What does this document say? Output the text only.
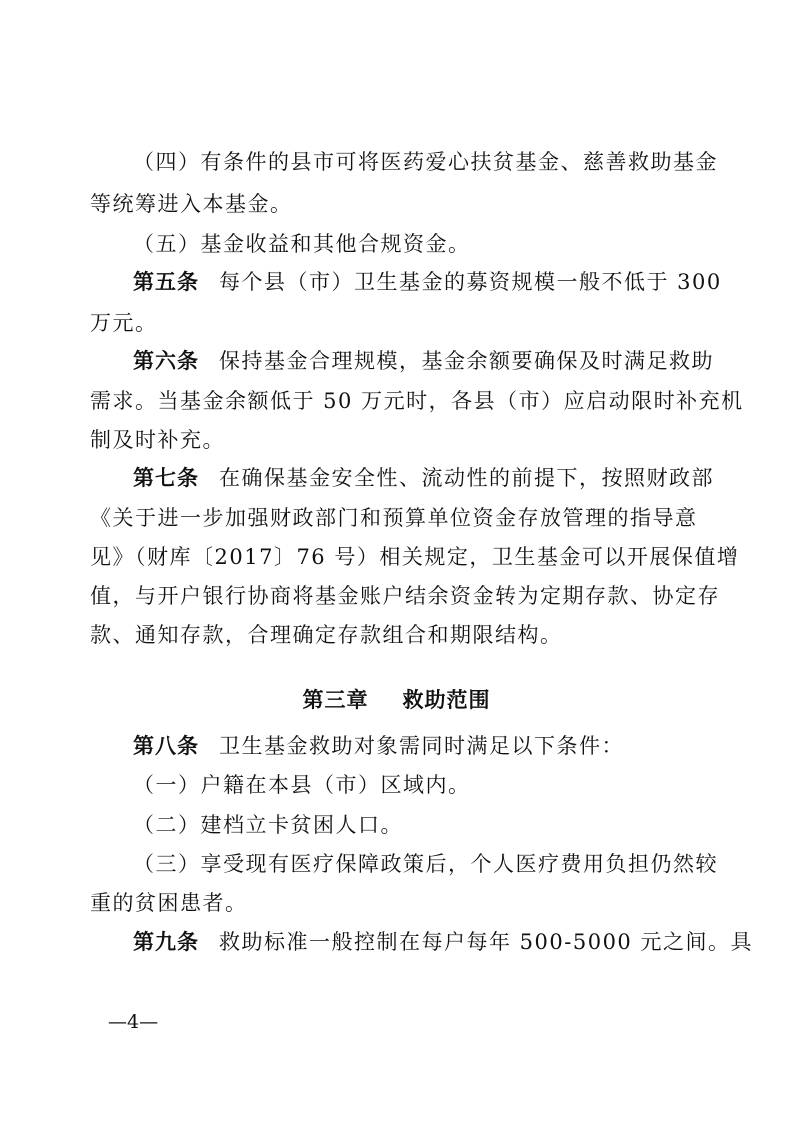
（四）有条件的县市可将医药爱心扶贫基金、慈善救助基金
等统筹进入本基金。
（五）基金收益和其他合规资金。
第五条 每个县（市）卫生基金的募资规模一般不低于 300
万元。
第六条 保持基金合理规模，基金余额要确保及时满足救助
需求。当基金余额低于 50 万元时，各县（市）应启动限时补充机
制及时补充。
第七条 在确保基金安全性、流动性的前提下，按照财政部
《关于进一步加强财政部门和预算单位资金存放管理的指导意
见》（财库〔2017〕76 号）相关规定，卫生基金可以开展保值增
值，与开户银行协商将基金账户结余资金转为定期存款、协定存
款、通知存款，合理确定存款组合和期限结构。
第三章 救助范围
第八条 卫生基金救助对象需同时满足以下条件：
（一）户籍在本县（市）区域内。
（二）建档立卡贫困人口。
（三）享受现有医疗保障政策后，个人医疗费用负担仍然较
重的贫困患者。
第九条 救助标准一般控制在每户每年 500-5000 元之间。具
—4—
